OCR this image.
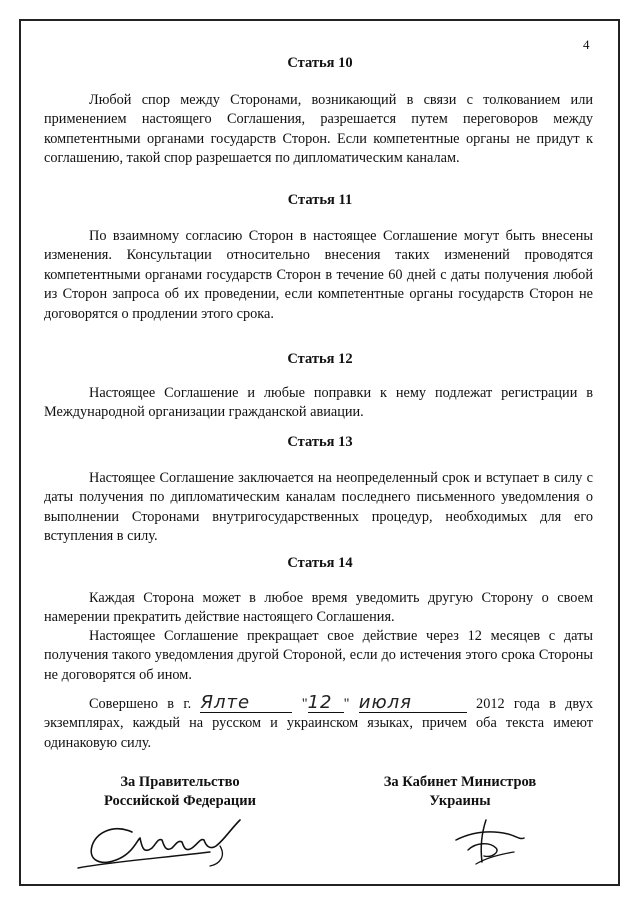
4
Статья 10
Любой спор между Сторонами, возникающий в связи с толкованием или применением настоящего Соглашения, разрешается путем переговоров между компетентными органами государств Сторон. Если компетентные органы не придут к соглашению, такой спор разрешается по дипломатическим каналам.
Статья 11
По взаимному согласию Сторон в настоящее Соглашение могут быть внесены изменения. Консультации относительно внесения таких изменений проводятся компетентными органами государств Сторон в течение 60 дней с даты получения любой из Сторон запроса об их проведении, если компетентные органы государств Сторон не договорятся о продлении этого срока.
Статья 12
Настоящее Соглашение и любые поправки к нему подлежат регистрации в Международной организации гражданской авиации.
Статья 13
Настоящее Соглашение заключается на неопределенный срок и вступает в силу с даты получения по дипломатическим каналам последнего письменного уведомления о выполнении Сторонами внутригосударственных процедур, необходимых для его вступления в силу.
Статья 14
Каждая Сторона может в любое время уведомить другую Сторону о своем намерении прекратить действие настоящего Соглашения.
Настоящее Соглашение прекращает свое действие через 12 месяцев с даты получения такого уведомления другой Стороной, если до истечения этого срока Стороны не договорятся об ином.
Совершено в г. Ялте	"12 " июля	2012 года в двух экземплярах, каждый на русском и украинском языках, причем оба текста имеют одинаковую силу.
За Правительство
Российской Федерации
За Кабинет Министров
Украины
